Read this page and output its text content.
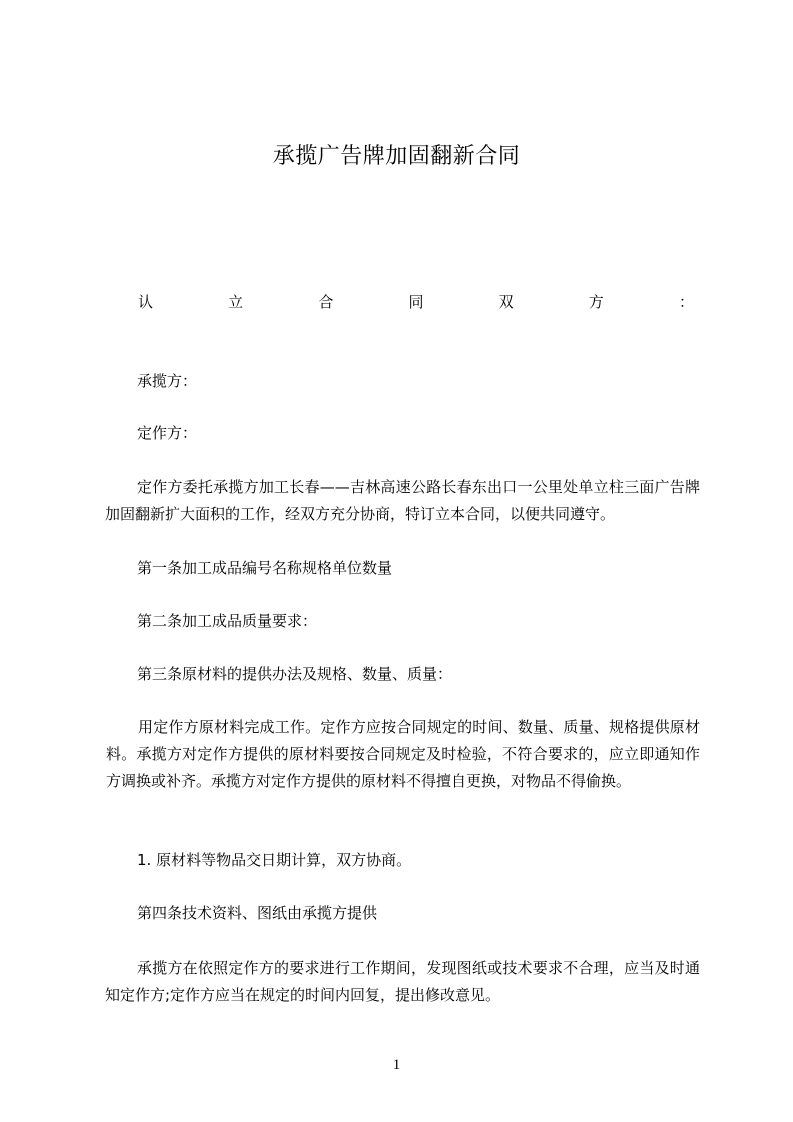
承揽广告牌加固翻新合同
认	立	合	同	双	方	：
承揽方：
定作方：
定作方委托承揽方加工长春——吉林高速公路长春东出口一公里处单立柱三面广告牌加固翻新扩大面积的工作，经双方充分协商，特订立本合同，以便共同遵守。
第一条加工成品编号名称规格单位数量
第二条加工成品质量要求：
第三条原材料的提供办法及规格、数量、质量：
用定作方原材料完成工作。定作方应按合同规定的时间、数量、质量、规格提供原材料。承揽方对定作方提供的原材料要按合同规定及时检验，不符合要求的，应立即通知作方调换或补齐。承揽方对定作方提供的原材料不得擅自更换，对物品不得偷换。
1. 原材料等物品交日期计算，双方协商。
第四条技术资料、图纸由承揽方提供
承揽方在依照定作方的要求进行工作期间，发现图纸或技术要求不合理，应当及时通知定作方;定作方应当在规定的时间内回复，提出修改意见。
1
